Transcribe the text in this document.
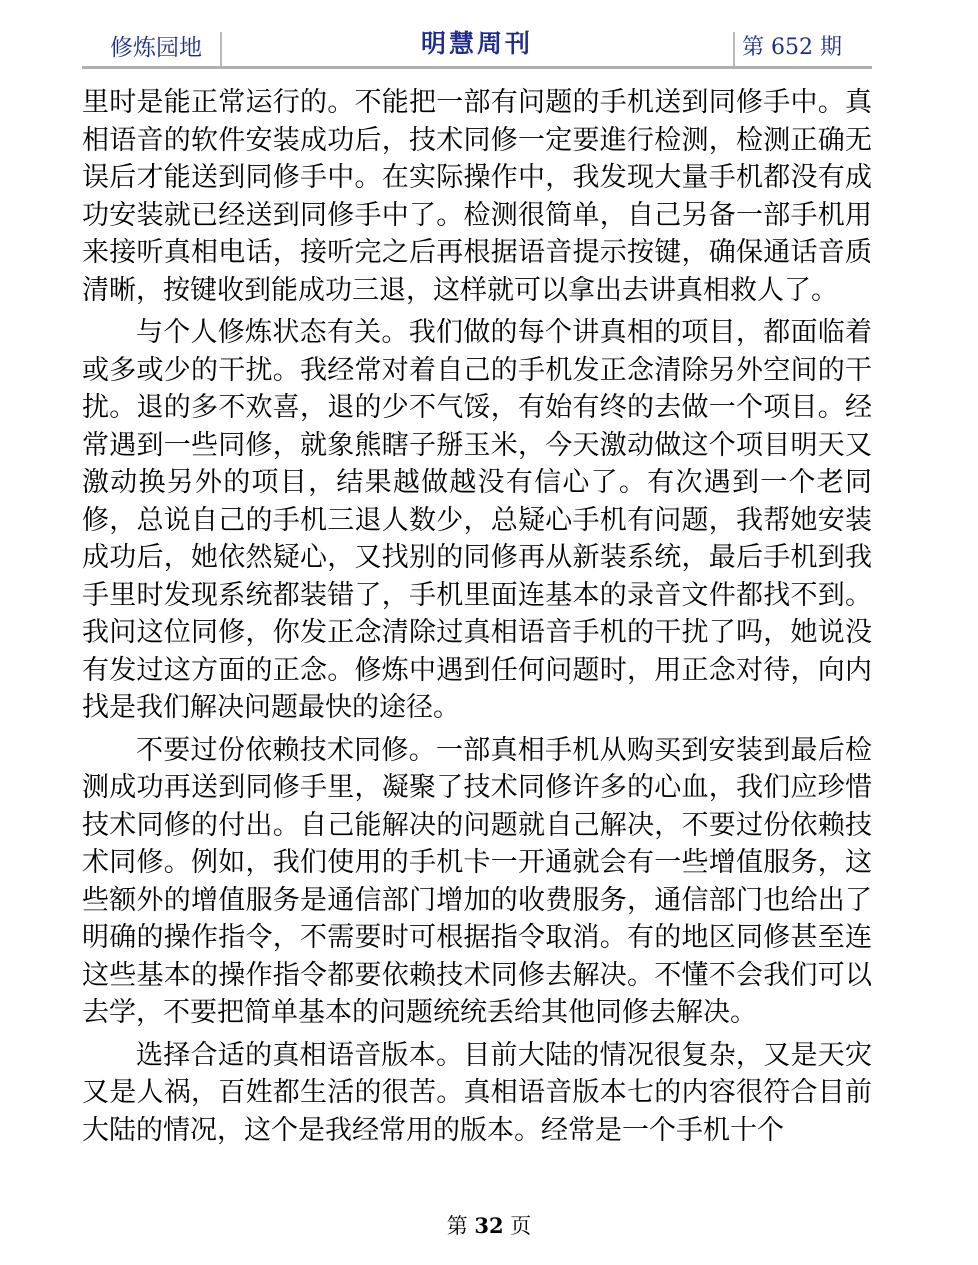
修炼园地	明慧周刊	第 652 期

里时是能正常运行的。不能把一部有问题的手机送到同修手中。真相语音的软件安装成功后，技术同修一定要進行检测，检测正确无误后才能送到同修手中。在实际操作中，我发现大量手机都没有成功安装就已经送到同修手中了。检测很简单，自己另备一部手机用来接听真相电话，接听完之后再根据语音提示按键，确保通话音质清晰，按键收到能成功三退，这样就可以拿出去讲真相救人了。

与个人修炼状态有关。我们做的每个讲真相的项目，都面临着或多或少的干扰。我经常对着自己的手机发正念清除另外空间的干扰。退的多不欢喜，退的少不气馁，有始有终的去做一个项目。经常遇到一些同修，就象熊瞎子掰玉米，今天激动做这个项目明天又激动换另外的项目，结果越做越没有信心了。有次遇到一个老同修，总说自己的手机三退人数少，总疑心手机有问题，我帮她安装成功后，她依然疑心，又找别的同修再从新装系统，最后手机到我手里时发现系统都装错了，手机里面连基本的录音文件都找不到。我问这位同修，你发正念清除过真相语音手机的干扰了吗，她说没有发过这方面的正念。修炼中遇到任何问题时，用正念对待，向内找是我们解决问题最快的途径。

不要过份依赖技术同修。一部真相手机从购买到安装到最后检测成功再送到同修手里，凝聚了技术同修许多的心血，我们应珍惜技术同修的付出。自己能解决的问题就自己解决，不要过份依赖技术同修。例如，我们使用的手机卡一开通就会有一些增值服务，这些额外的增值服务是通信部门增加的收费服务，通信部门也给出了明确的操作指令，不需要时可根据指令取消。有的地区同修甚至连这些基本的操作指令都要依赖技术同修去解决。不懂不会我们可以去学，不要把简单基本的问题统统丢给其他同修去解决。

选择合适的真相语音版本。目前大陆的情况很复杂，又是天灾又是人祸，百姓都生活的很苦。真相语音版本七的内容很符合目前大陆的情况，这个是我经常用的版本。经常是一个手机十个

第 32 页
